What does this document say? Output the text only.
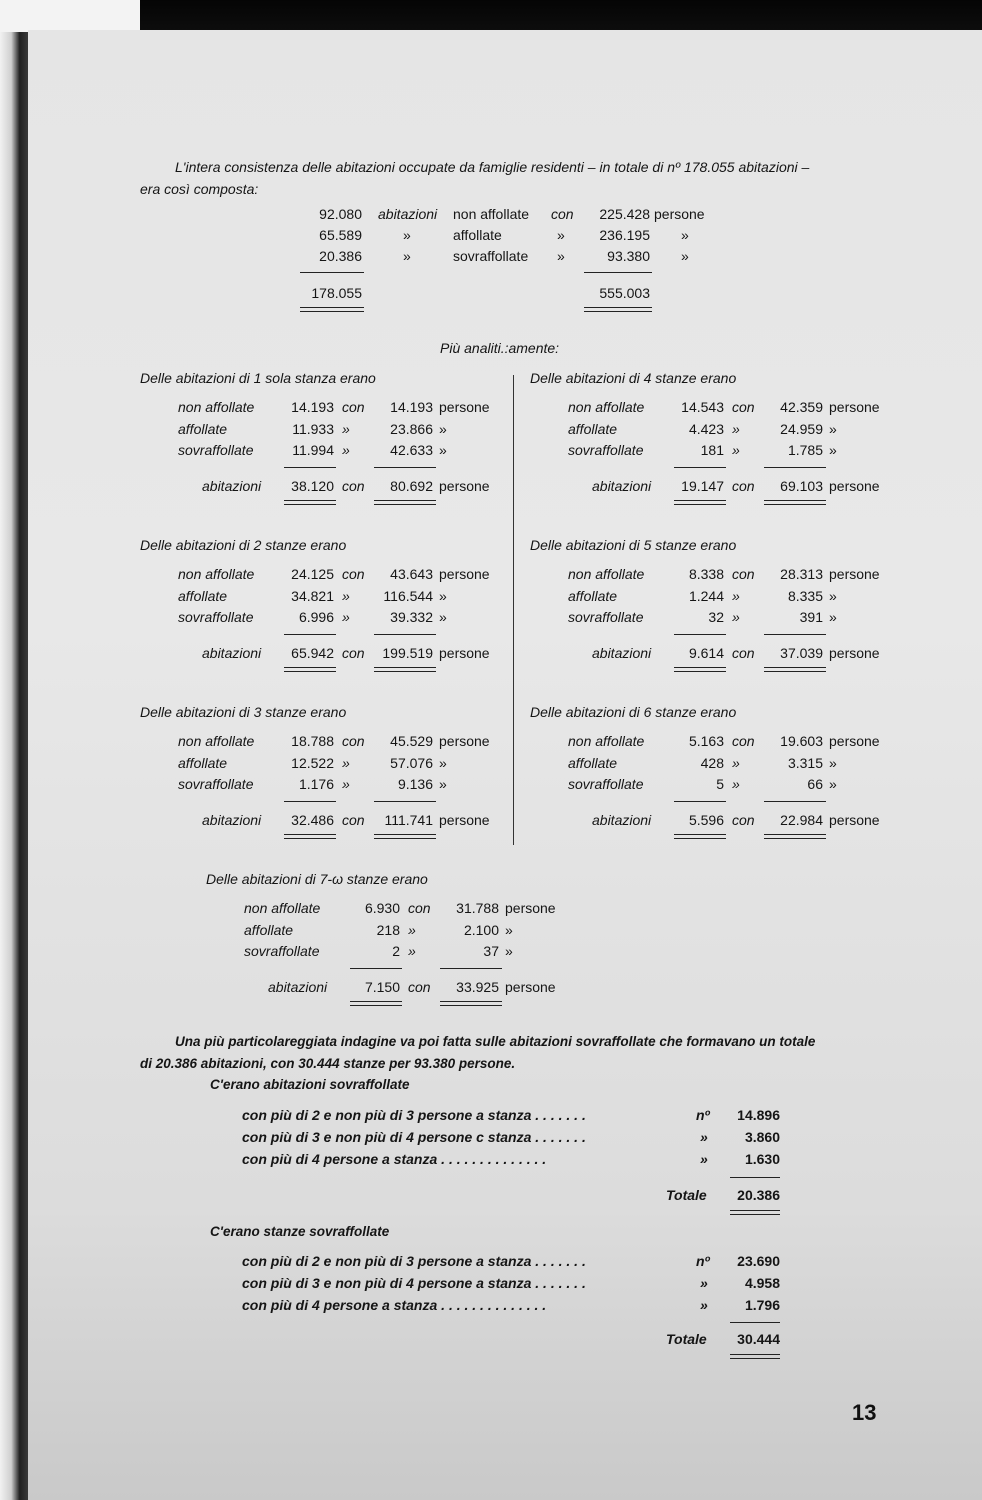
L'intera consistenza delle abitazioni occupate da famiglie residenti – in totale di nº 178.055 abitazioni –
era così composta:
92.080 abitazioni non affollate con	225.428 persone
65.589	»	affollate	»	236.195 »
20.386	»	sovraffollate »	93.380 »
178.055	555.003
Più analiti.:amente:
Delle abitazioni di 1 sola stanza erano
non affollate	14.193 con	14.193 persone
affollate	11.933 »	23.866 »
sovraffollate	11.994 »	42.633 »
abitazioni	38.120 con	80.692 persone
Delle abitazioni di 4 stanze erano
non affollate	14.543 con	42.359 persone
affollate	4.423 »	24.959 »
sovraffollate	181 »	1.785 »
abitazioni	19.147 con	69.103 persone
Delle abitazioni di 2 stanze erano
non affollate	24.125 con	43.643 persone
affollate	34.821 »	116.544 »
sovraffollate	6.996 »	39.332 »
abitazioni	65.942 con	199.519 persone
Delle abitazioni di 5 stanze erano
non affollate	8.338 con	28.313 persone
affollate	1.244 »	8.335 »
sovraffollate	32 »	391 »
abitazioni	9.614 con	37.039 persone
Delle abitazioni di 3 stanze erano
non affollate	18.788 con	45.529 persone
affollate	12.522 »	57.076 »
sovraffollate	1.176 »	9.136 »
abitazioni	32.486 con	111.741 persone
Delle abitazioni di 6 stanze erano
non affollate	5.163 con	19.603 persone
affollate	428 »	3.315 »
sovraffollate	5 »	66 »
abitazioni	5.596 con	22.984 persone
Delle abitazioni di 7-ω stanze erano
non affollate	6.930 con	31.788 persone
affollate	218 »	2.100 »
sovraffollate	2 »	37 »
abitazioni	7.150 con	33.925 persone
Una più particolareggiata indagine va poi fatta sulle abitazioni sovraffollate che formavano un totale
di 20.386 abitazioni, con 30.444 stanze per 93.380 persone.
C'erano abitazioni sovraffollate
con più di 2 e non più di 3 persone a stanza . . . . . . .	nº	14.896
con più di 3 e non più di 4 persone c stanza . . . . . . .	»	3.860
con più di 4 persone a stanza . . . . . . . . . . . . . .	»	1.630
Totale	20.386
C'erano stanze sovraffollate
con più di 2 e non più di 3 persone a stanza . . . . . . .	nº	23.690
con più di 3 e non più di 4 persone a stanza . . . . . . .	»	4.958
con più di 4 persone a stanza . . . . . . . . . . . . . .	»	1.796
Totale	30.444
13
